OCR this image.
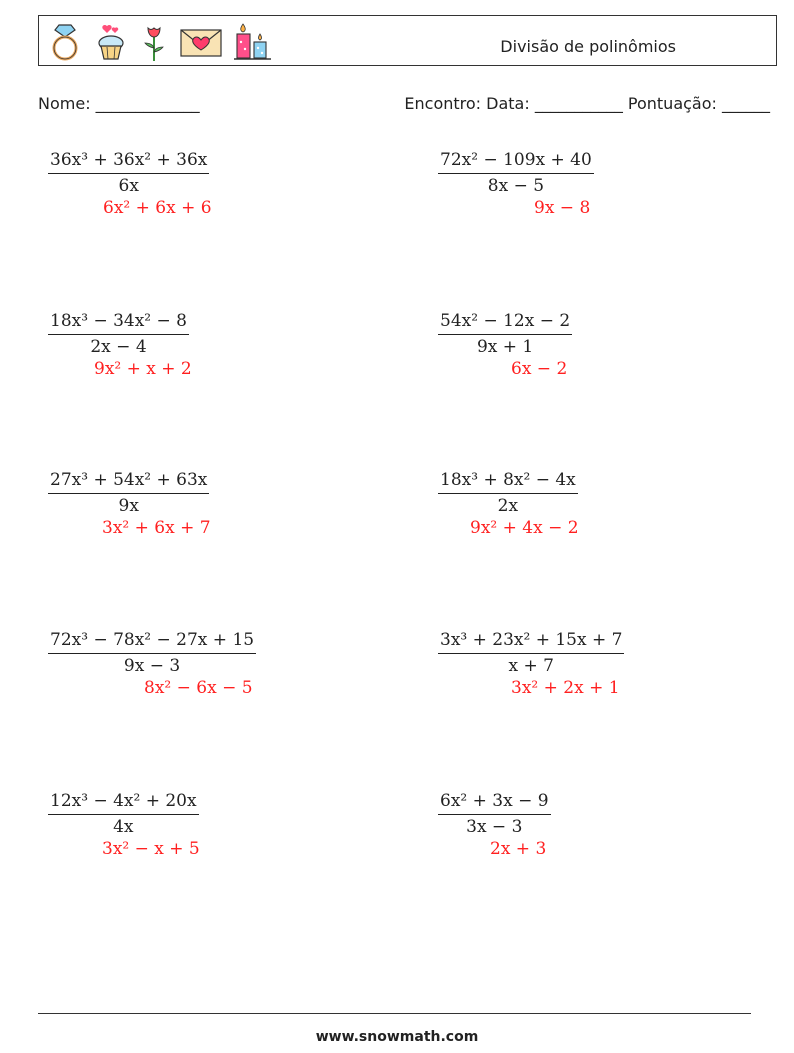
Divisão de polinômios
Nome: _____________	Encontro: Data: ___________ Pontuação: ______
$\frac{\text{36x³ + 36x² + 36x}}{6x}$
6x² + 6x + 6
$\frac{\text{72x² − 109x + 40}}{8x - 5}$
9x − 8
$\frac{\text{18x³ − 34x² − 8}}{2x - 4}$
9x² + x + 2
$\frac{\text{54x² − 12x − 2}}{9x + 1}$
6x − 2
$\frac{\text{27x³ + 54x² + 63x}}{9x}$
3x² + 6x + 7
$\frac{\text{18x³ + 8x² − 4x}}{2x}$
9x² + 4x − 2
$\frac{\text{72x³ − 78x² − 27x + 15}}{9x - 3}$
8x² − 6x − 5
$\frac{\text{3x³ + 23x² + 15x + 7}}{x + 7}$
3x² + 2x + 1
$\frac{\text{12x³ − 4x² + 20x}}{4x}$
3x² − x + 5
$\frac{\text{6x² + 3x − 9}}{3x - 3}$
2x + 3
www.snowmath.com
